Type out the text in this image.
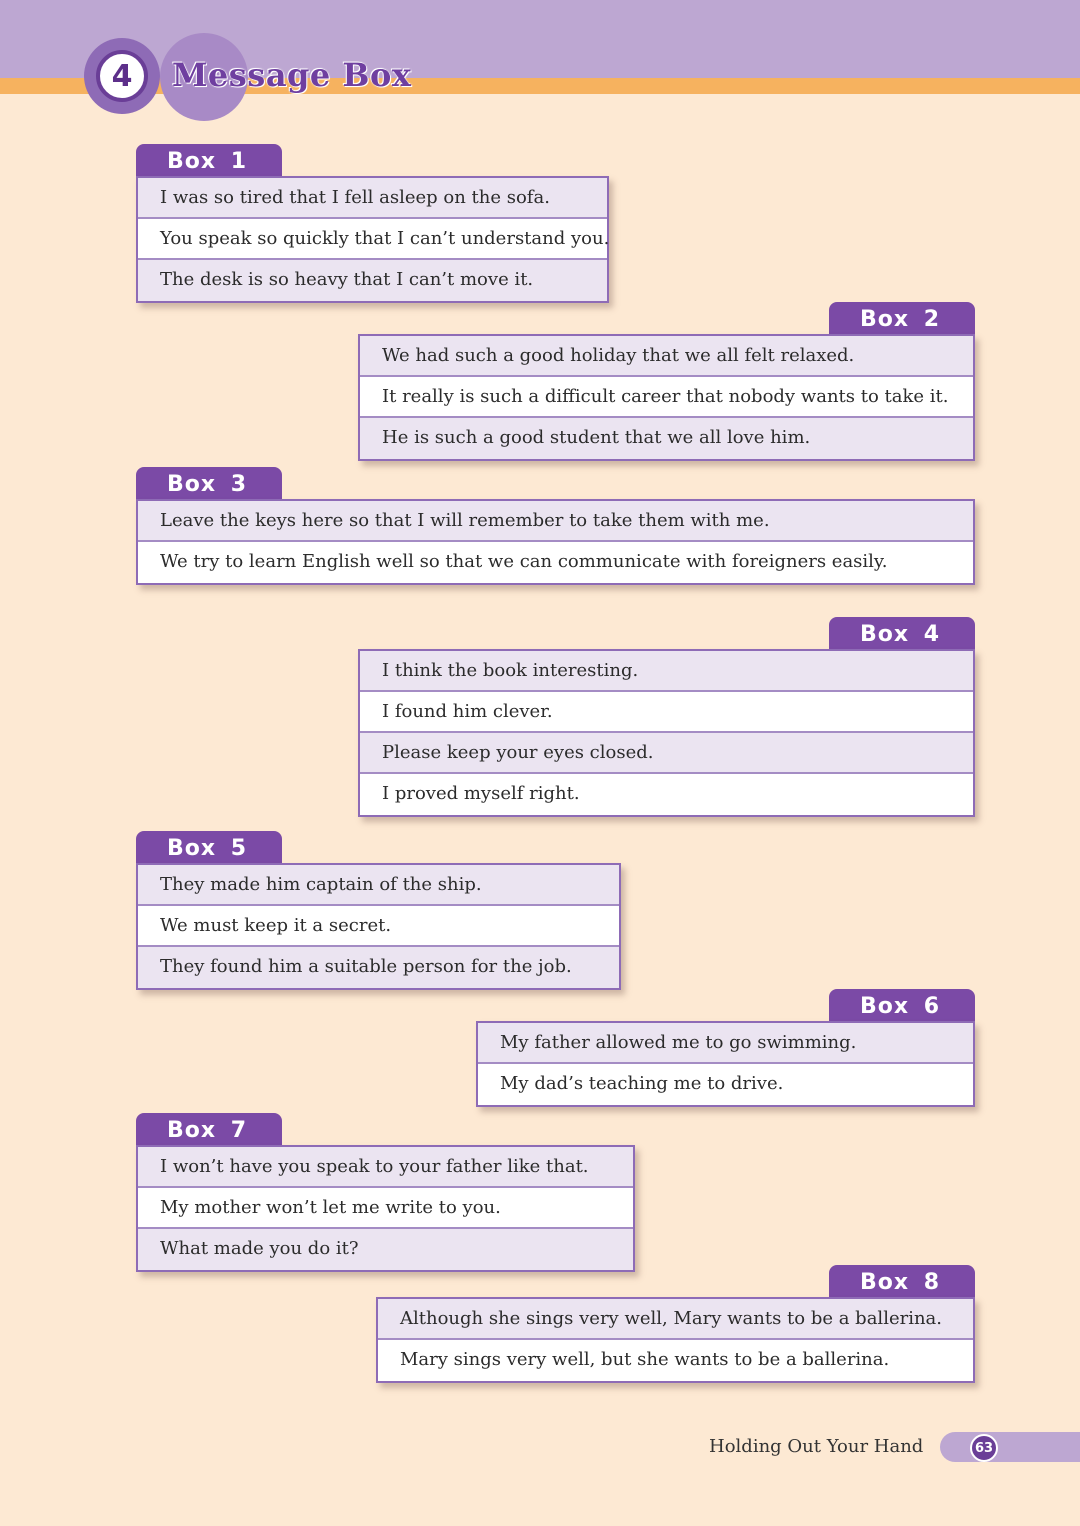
4	Message Box
Box 1
I was so tired that I fell asleep on the sofa.
You speak so quickly that I can’t understand you.
The desk is so heavy that I can’t move it.
Box 2
We had such a good holiday that we all felt relaxed.
It really is such a difficult career that nobody wants to take it.
He is such a good student that we all love him.
Box 3
Leave the keys here so that I will remember to take them with me.
We try to learn English well so that we can communicate with foreigners easily.
Box 4
I think the book interesting.
I found him clever.
Please keep your eyes closed.
I proved myself right.
Box 5
They made him captain of the ship.
We must keep it a secret.
They found him a suitable person for the job.
Box 6
My father allowed me to go swimming.
My dad’s teaching me to drive.
Box 7
I won’t have you speak to your father like that.
My mother won’t let me write to you.
What made you do it?
Box 8
Although she sings very well, Mary wants to be a ballerina.
Mary sings very well, but she wants to be a ballerina.
Holding Out Your Hand	63
